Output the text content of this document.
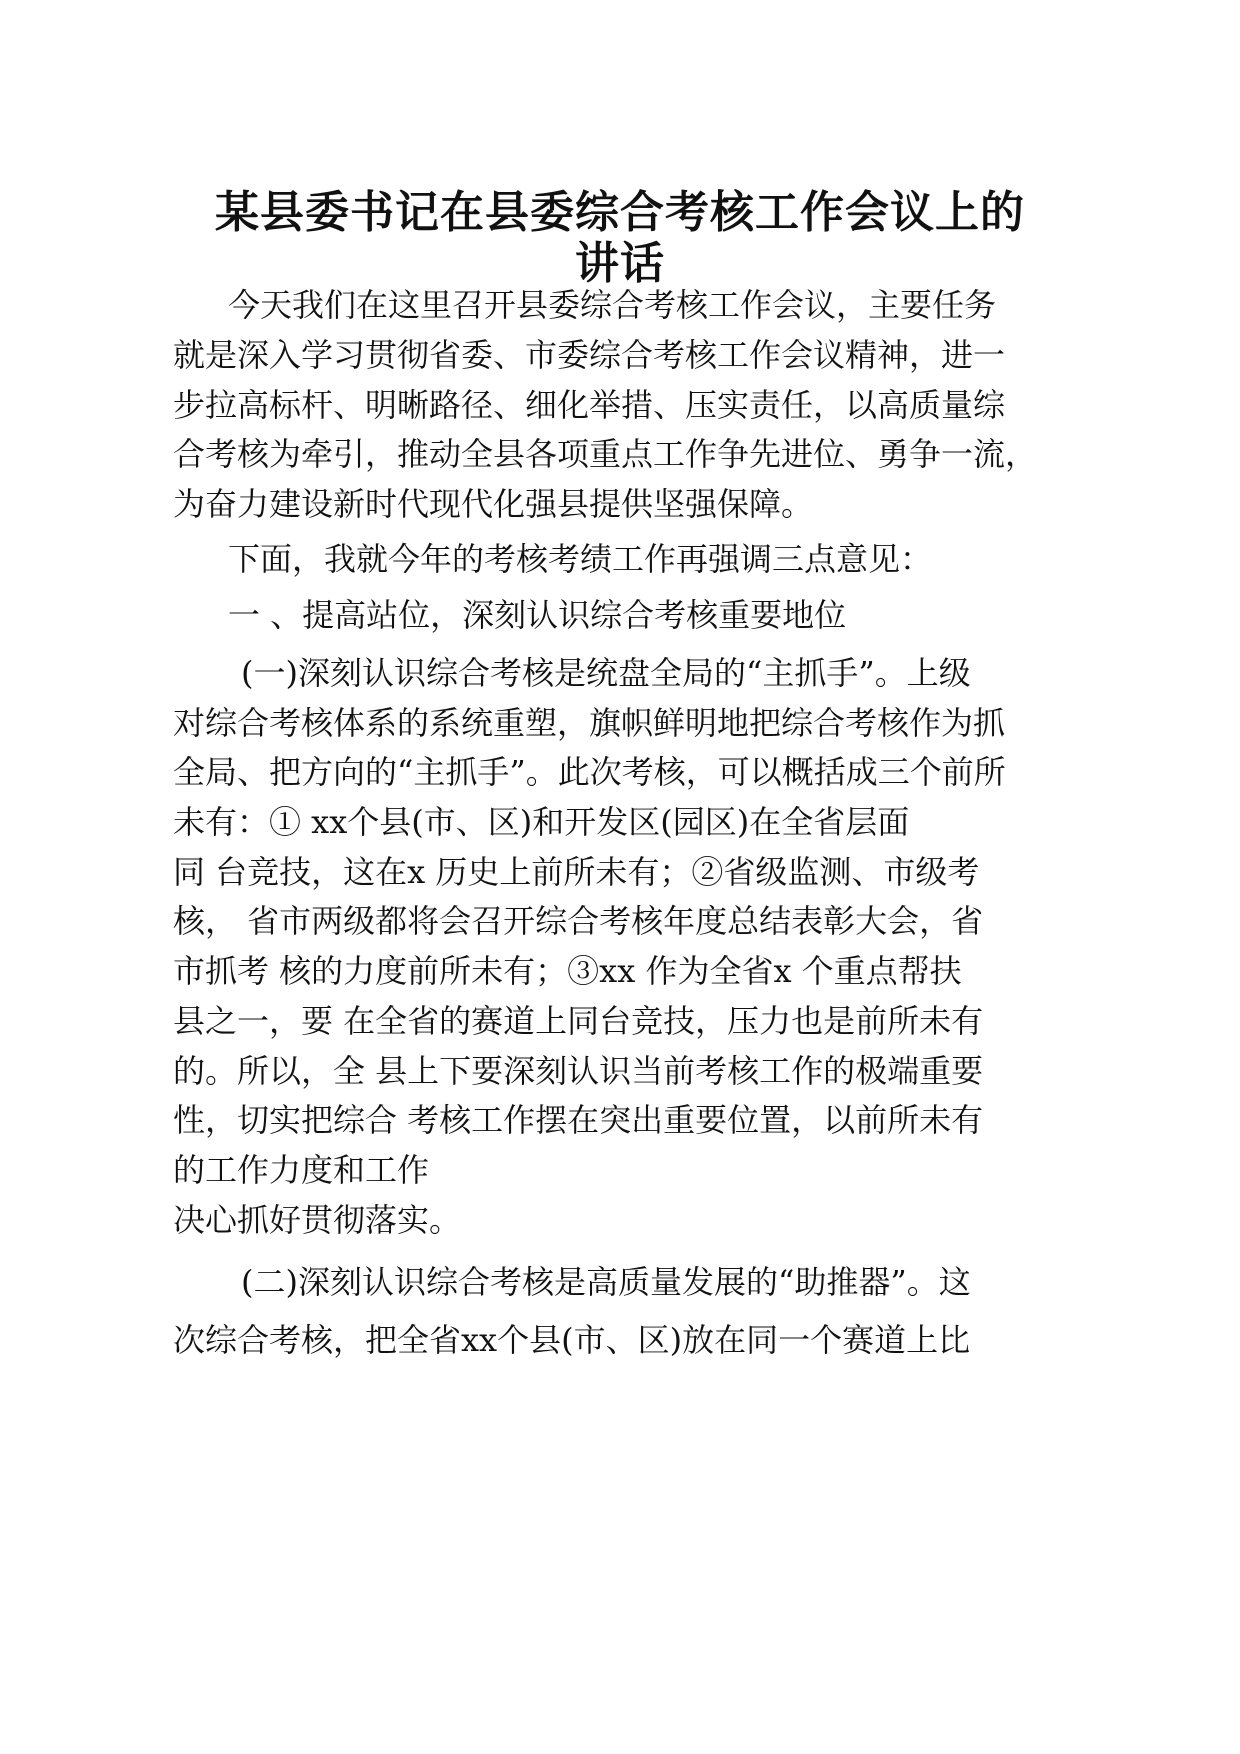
某县委书记在县委综合考核工作会议上的
讲话
今天我们在这里召开县委综合考核工作会议，主要任务
就是深入学习贯彻省委、市委综合考核工作会议精神，进一
步拉高标杆、明晰路径、细化举措、压实责任，以高质量综
合考核为牵引，推动全县各项重点工作争先进位、勇争一流，
为奋力建设新时代现代化强县提供坚强保障。
下面，我就今年的考核考绩工作再强调三点意见：
一 、提高站位，深刻认识综合考核重要地位
(一)深刻认识综合考核是统盘全局的“主抓手”。上级
对综合考核体系的系统重塑，旗帜鲜明地把综合考核作为抓
全局、把方向的“主抓手”。此次考核，可以概括成三个前所
未有：① xx个县(市、区)和开发区(园区)在全省层面
同 台竞技，这在x 历史上前所未有；②省级监测、市级考
核， 省市两级都将会召开综合考核年度总结表彰大会，省
市抓考 核的力度前所未有；③xx 作为全省x 个重点帮扶
县之一，要 在全省的赛道上同台竞技，压力也是前所未有
的。所以，全 县上下要深刻认识当前考核工作的极端重要
性，切实把综合 考核工作摆在突出重要位置，以前所未有
的工作力度和工作
决心抓好贯彻落实。
(二)深刻认识综合考核是高质量发展的“助推器”。这
次综合考核，把全省xx个县(市、区)放在同一个赛道上比
